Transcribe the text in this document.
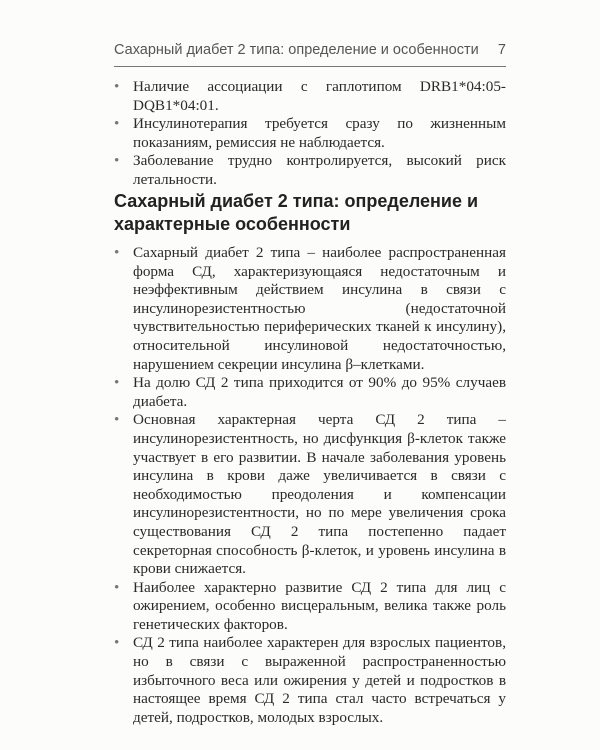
Сахарный диабет 2 типа: определение и особенности 7
• Наличие ассоциации с гаплотипом DRB1*04:05-DQB1*04:01.
• Инсулинотерапия требуется сразу по жизненным показаниям, ремиссия не наблюдается.
• Заболевание трудно контролируется, высокий риск летальности.
Сахарный диабет 2 типа: определение и характерные особенности
• Сахарный диабет 2 типа – наиболее распространенная форма СД, характеризующаяся недостаточным и неэффективным действием инсулина в связи с инсулинорезистентностью (недостаточной чувствительностью периферических тканей к инсулину), относительной инсулиновой недостаточностью, нарушением секреции инсулина β–клетками.
• На долю СД 2 типа приходится от 90% до 95% случаев диабета.
• Основная характерная черта СД 2 типа – инсулинорезистентность, но дисфункция β-клеток также участвует в его развитии. В начале заболевания уровень инсулина в крови даже увеличивается в связи с необходимостью преодоления и компенсации инсулинорезистентности, но по мере увеличения срока существования СД 2 типа постепенно падает секреторная способность β-клеток, и уровень инсулина в крови снижается.
• Наиболее характерно развитие СД 2 типа для лиц с ожирением, особенно висцеральным, велика также роль генетических факторов.
• СД 2 типа наиболее характерен для взрослых пациентов, но в связи с выраженной распространенностью избыточного веса или ожирения у детей и подростков в настоящее время СД 2 типа стал часто встречаться у детей, подростков, молодых взрослых.
